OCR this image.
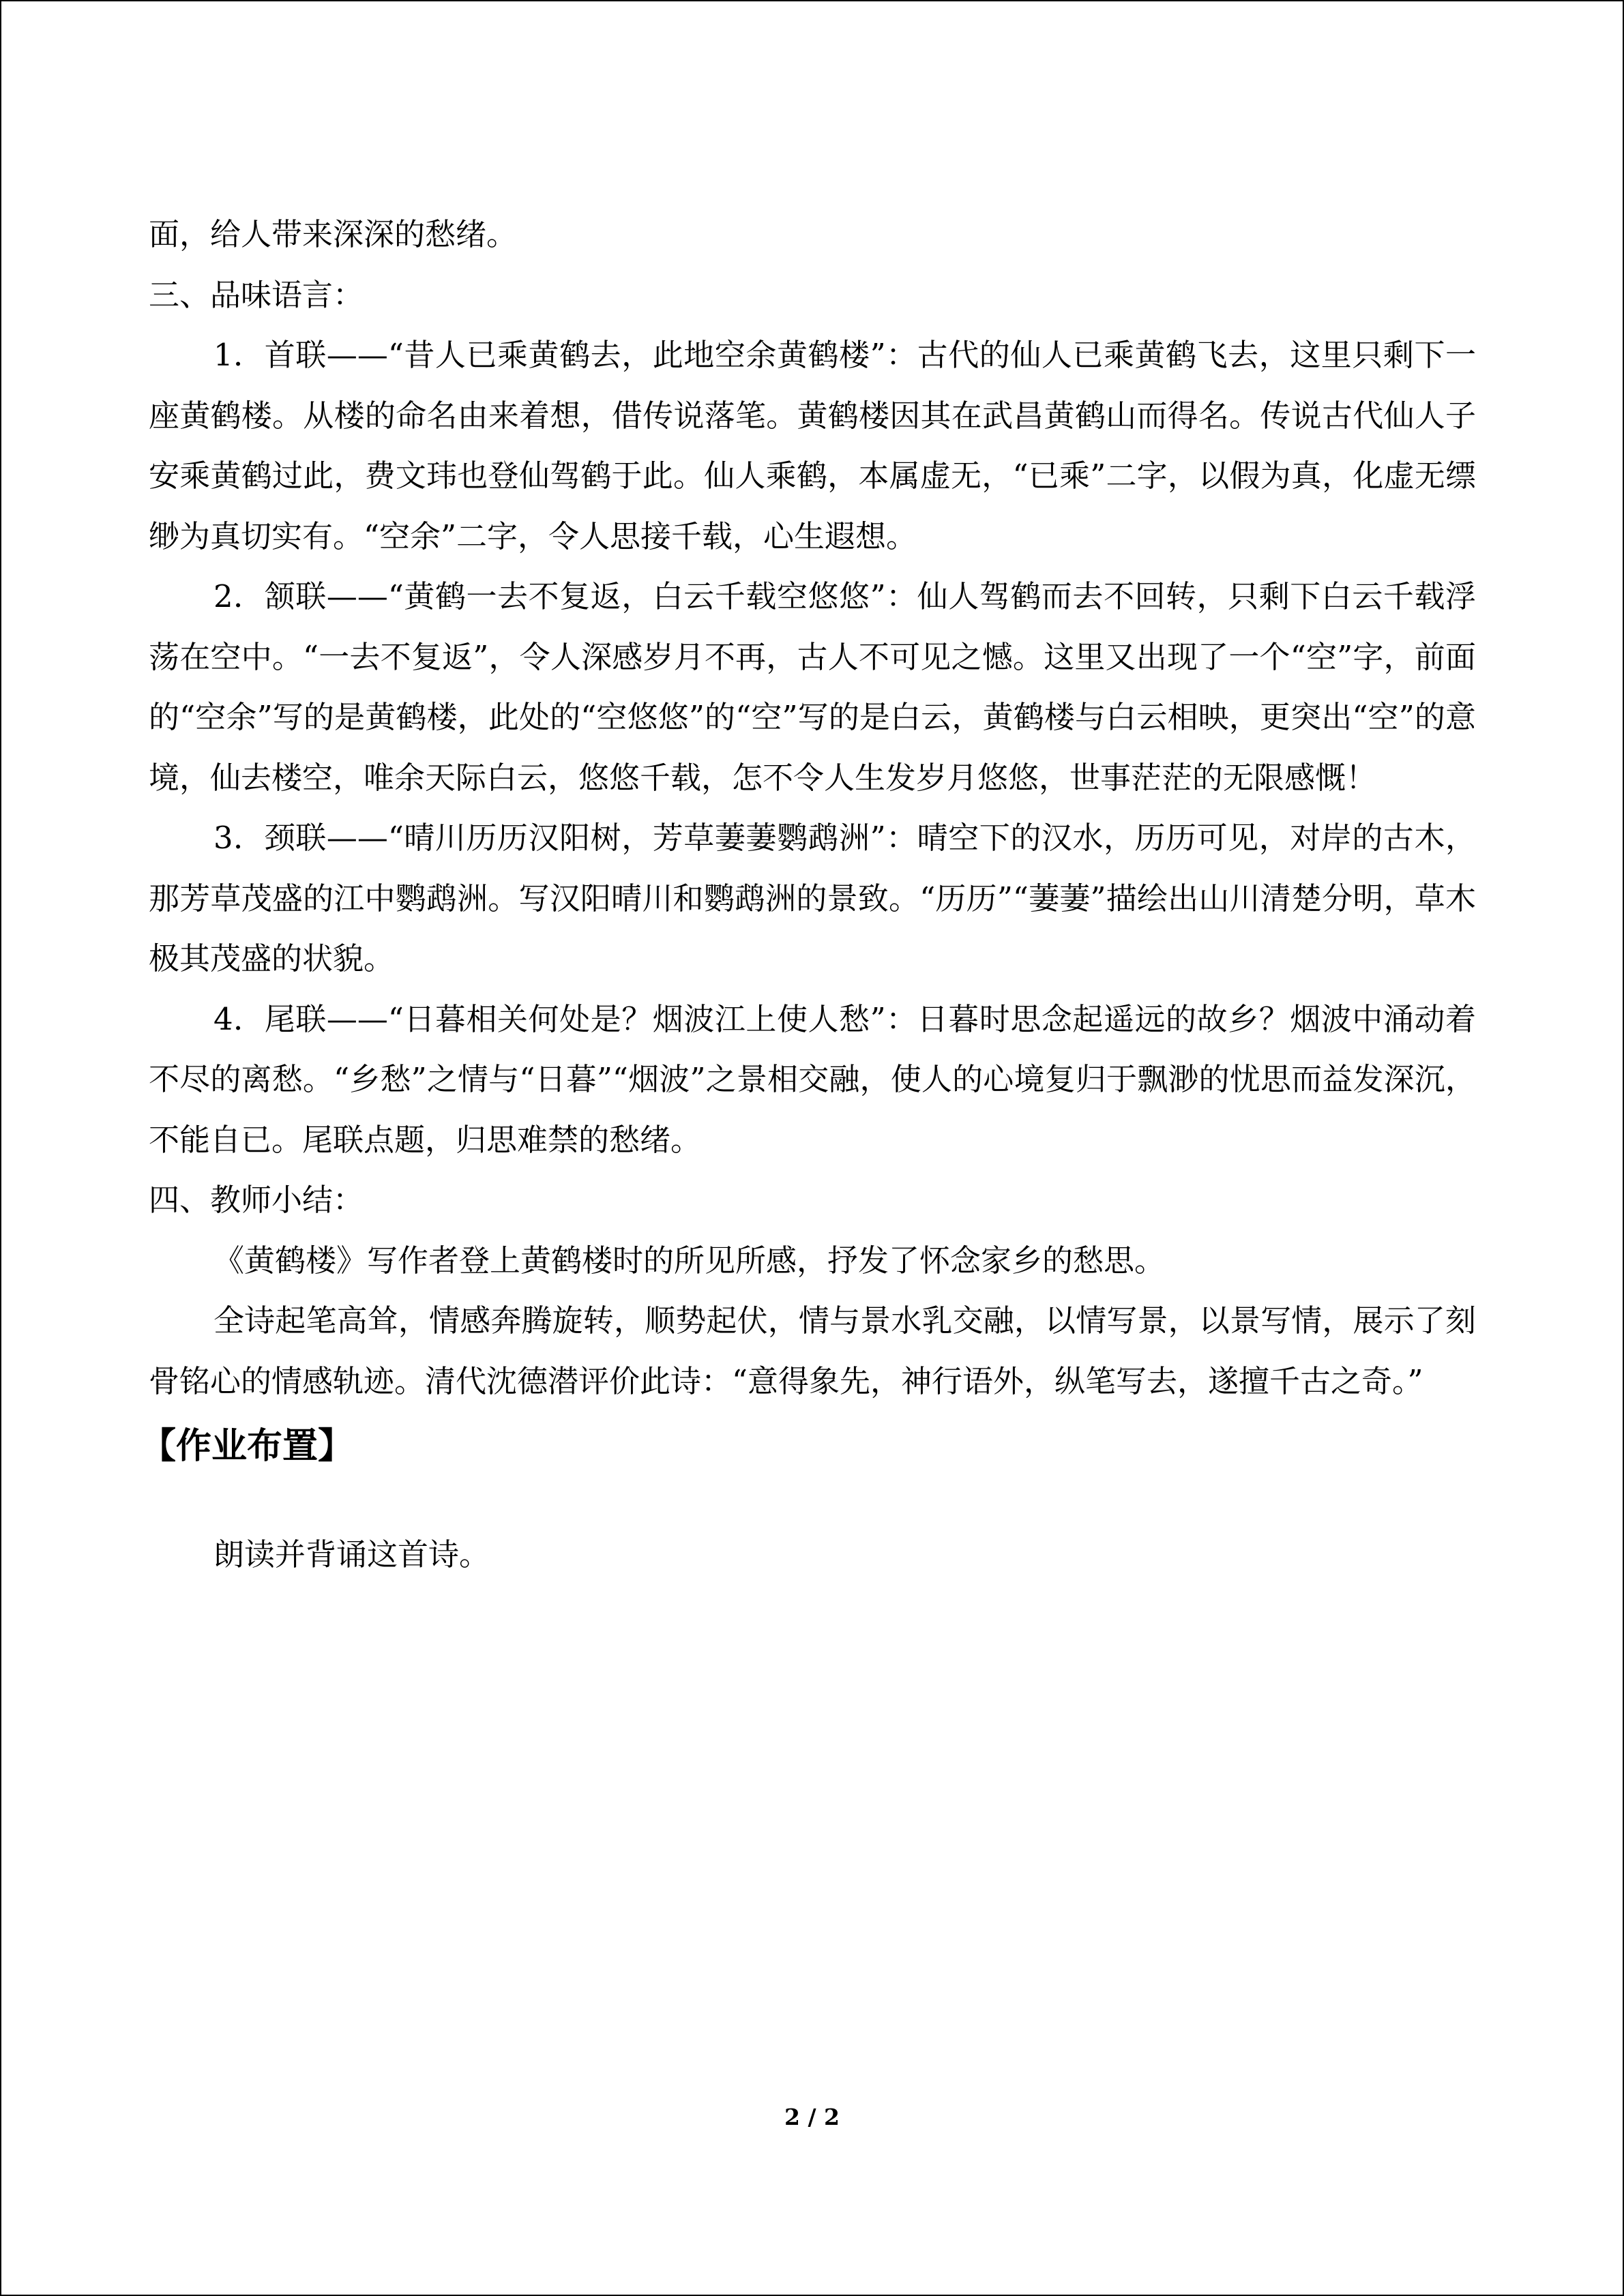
面，给人带来深深的愁绪。

三、品味语言：

1．首联——“昔人已乘黄鹤去，此地空余黄鹤楼”：古代的仙人已乘黄鹤飞去，这里只剩下一座黄鹤楼。从楼的命名由来着想，借传说落笔。黄鹤楼因其在武昌黄鹤山而得名。传说古代仙人子安乘黄鹤过此，费文玮也登仙驾鹤于此。仙人乘鹤，本属虚无，“已乘”二字，以假为真，化虚无缥缈为真切实有。“空余”二字，令人思接千载，心生遐想。

2．颔联——“黄鹤一去不复返，白云千载空悠悠”：仙人驾鹤而去不回转，只剩下白云千载浮荡在空中。“一去不复返”，令人深感岁月不再，古人不可见之憾。这里又出现了一个“空”字，前面的“空余”写的是黄鹤楼，此处的“空悠悠”的“空”写的是白云，黄鹤楼与白云相映，更突出“空”的意境，仙去楼空，唯余天际白云，悠悠千载，怎不令人生发岁月悠悠，世事茫茫的无限感慨！

3．颈联——“晴川历历汉阳树，芳草萋萋鹦鹉洲”：晴空下的汉水，历历可见，对岸的古木，那芳草茂盛的江中鹦鹉洲。写汉阳晴川和鹦鹉洲的景致。“历历”“萋萋”描绘出山川清楚分明，草木极其茂盛的状貌。

4．尾联——“日暮相关何处是？烟波江上使人愁”：日暮时思念起遥远的故乡？烟波中涌动着不尽的离愁。“乡愁”之情与“日暮”“烟波”之景相交融，使人的心境复归于飘渺的忧思而益发深沉，不能自已。尾联点题，归思难禁的愁绪。

四、教师小结：

《黄鹤楼》写作者登上黄鹤楼时的所见所感，抒发了怀念家乡的愁思。

全诗起笔高耸，情感奔腾旋转，顺势起伏，情与景水乳交融，以情写景，以景写情，展示了刻骨铭心的情感轨迹。清代沈德潜评价此诗：“意得象先，神行语外，纵笔写去，遂擅千古之奇。”

【作业布置】

朗读并背诵这首诗。

2 / 2
